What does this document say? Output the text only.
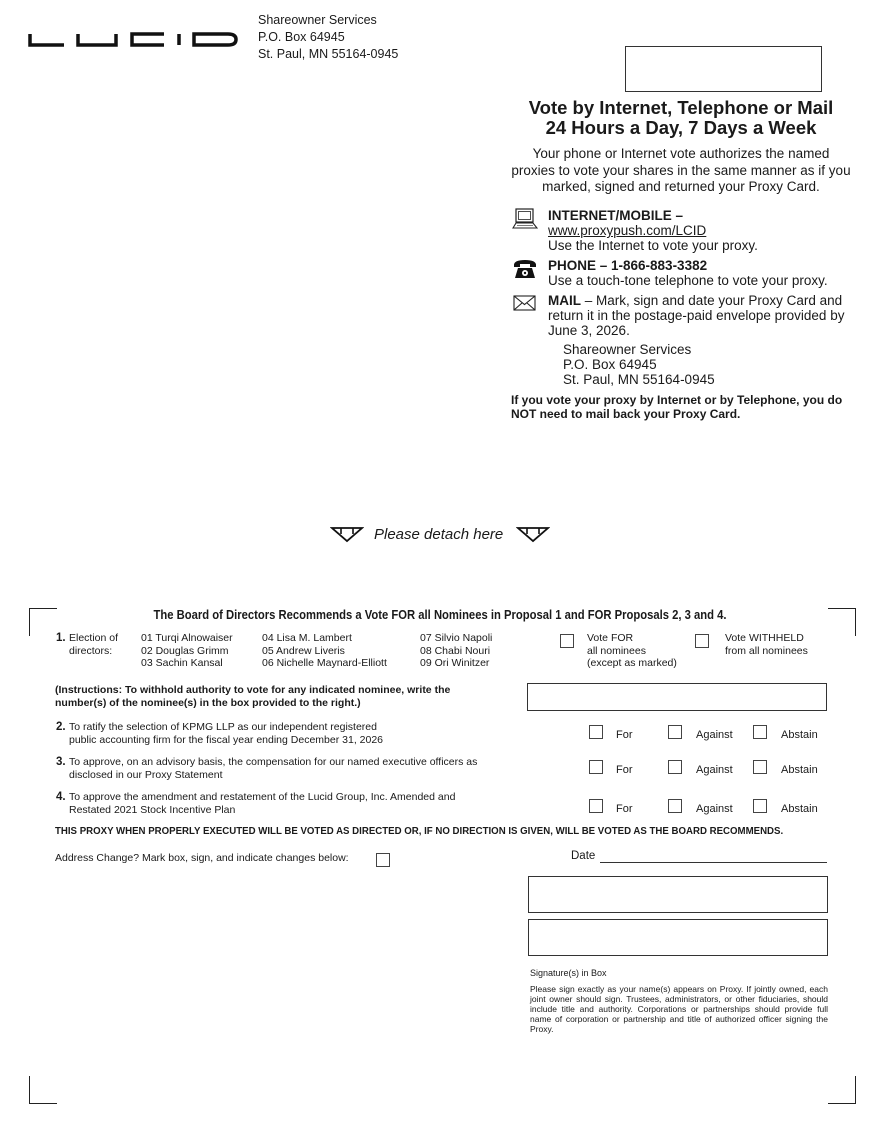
Shareowner Services
P.O. Box 64945
St. Paul, MN 55164-0945
Vote by Internet, Telephone or Mail
24 Hours a Day, 7 Days a Week
Your phone or Internet vote authorizes the named proxies to vote your shares in the same manner as if you marked, signed and returned your Proxy Card.
INTERNET/MOBILE –
www.proxypush.com/LCID
Use the Internet to vote your proxy.
PHONE – 1-866-883-3382
Use a touch-tone telephone to vote your proxy.
MAIL – Mark, sign and date your Proxy Card and return it in the postage-paid envelope provided by June 3, 2026.
Shareowner Services
P.O. Box 64945
St. Paul, MN 55164-0945
If you vote your proxy by Internet or by Telephone, you do NOT need to mail back your Proxy Card.
Please detach here
The Board of Directors Recommends a Vote FOR all Nominees in Proposal 1 and FOR Proposals 2, 3 and 4.
1. Election of directors:
01 Turqi Alnowaiser
02 Douglas Grimm
03 Sachin Kansal
04 Lisa M. Lambert
05 Andrew Liveris
06 Nichelle Maynard-Elliott
07 Silvio Napoli
08 Chabi Nouri
09 Ori Winitzer
Vote FOR
all nominees
(except as marked)
Vote WITHHELD
from all nominees
(Instructions: To withhold authority to vote for any indicated nominee, write the number(s) of the nominee(s) in the box provided to the right.)
2. To ratify the selection of KPMG LLP as our independent registered
public accounting firm for the fiscal year ending December 31, 2026	For	Against	Abstain
3. To approve, on an advisory basis, the compensation for our named executive officers as
disclosed in our Proxy Statement	For	Against	Abstain
4. To approve the amendment and restatement of the Lucid Group, Inc. Amended and
Restated 2021 Stock Incentive Plan	For	Against	Abstain
THIS PROXY WHEN PROPERLY EXECUTED WILL BE VOTED AS DIRECTED OR, IF NO DIRECTION IS GIVEN, WILL BE VOTED AS THE BOARD RECOMMENDS.
Address Change? Mark box, sign, and indicate changes below:	Date
Signature(s) in Box
Please sign exactly as your name(s) appears on Proxy. If jointly owned, each joint owner should sign. Trustees, administrators, or other fiduciaries, should include title and authority. Corporations or partnerships should provide full name of corporation or partnership and title of authorized officer signing the Proxy.
